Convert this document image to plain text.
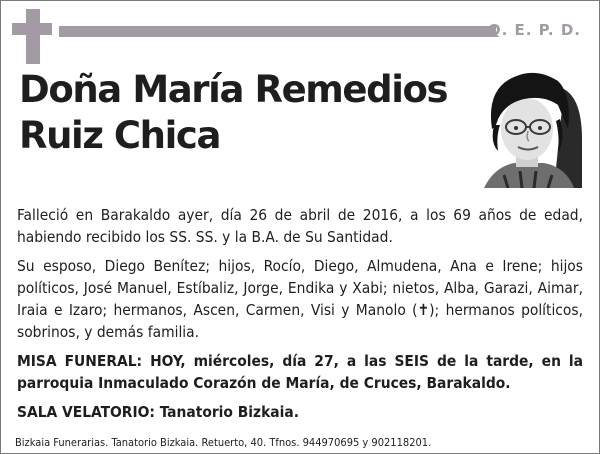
Q. E. P. D.
Doña María Remedios
Ruiz Chica

Falleció en Barakaldo ayer, día 26 de abril de 2016, a los 69 años de edad, habiendo recibido los SS. SS. y la B.A. de Su Santidad.

Su esposo, Diego Benítez; hijos, Rocío, Diego, Almudena, Ana e Irene; hijos políticos, José Manuel, Estíbaliz, Jorge, Endika y Xabi; nietos, Alba, Garazi, Aimar, Iraia e Izaro; hermanos, Ascen, Carmen, Visi y Manolo (✝); hermanos políticos, sobrinos, y demás familia.

MISA FUNERAL: HOY, miércoles, día 27, a las SEIS de la tarde, en la parroquia Inmaculado Corazón de María, de Cruces, Barakaldo.

SALA VELATORIO: Tanatorio Bizkaia.

Bizkaia Funerarias. Tanatorio Bizkaia. Retuerto, 40. Tfnos. 944970695 y 902118201.
